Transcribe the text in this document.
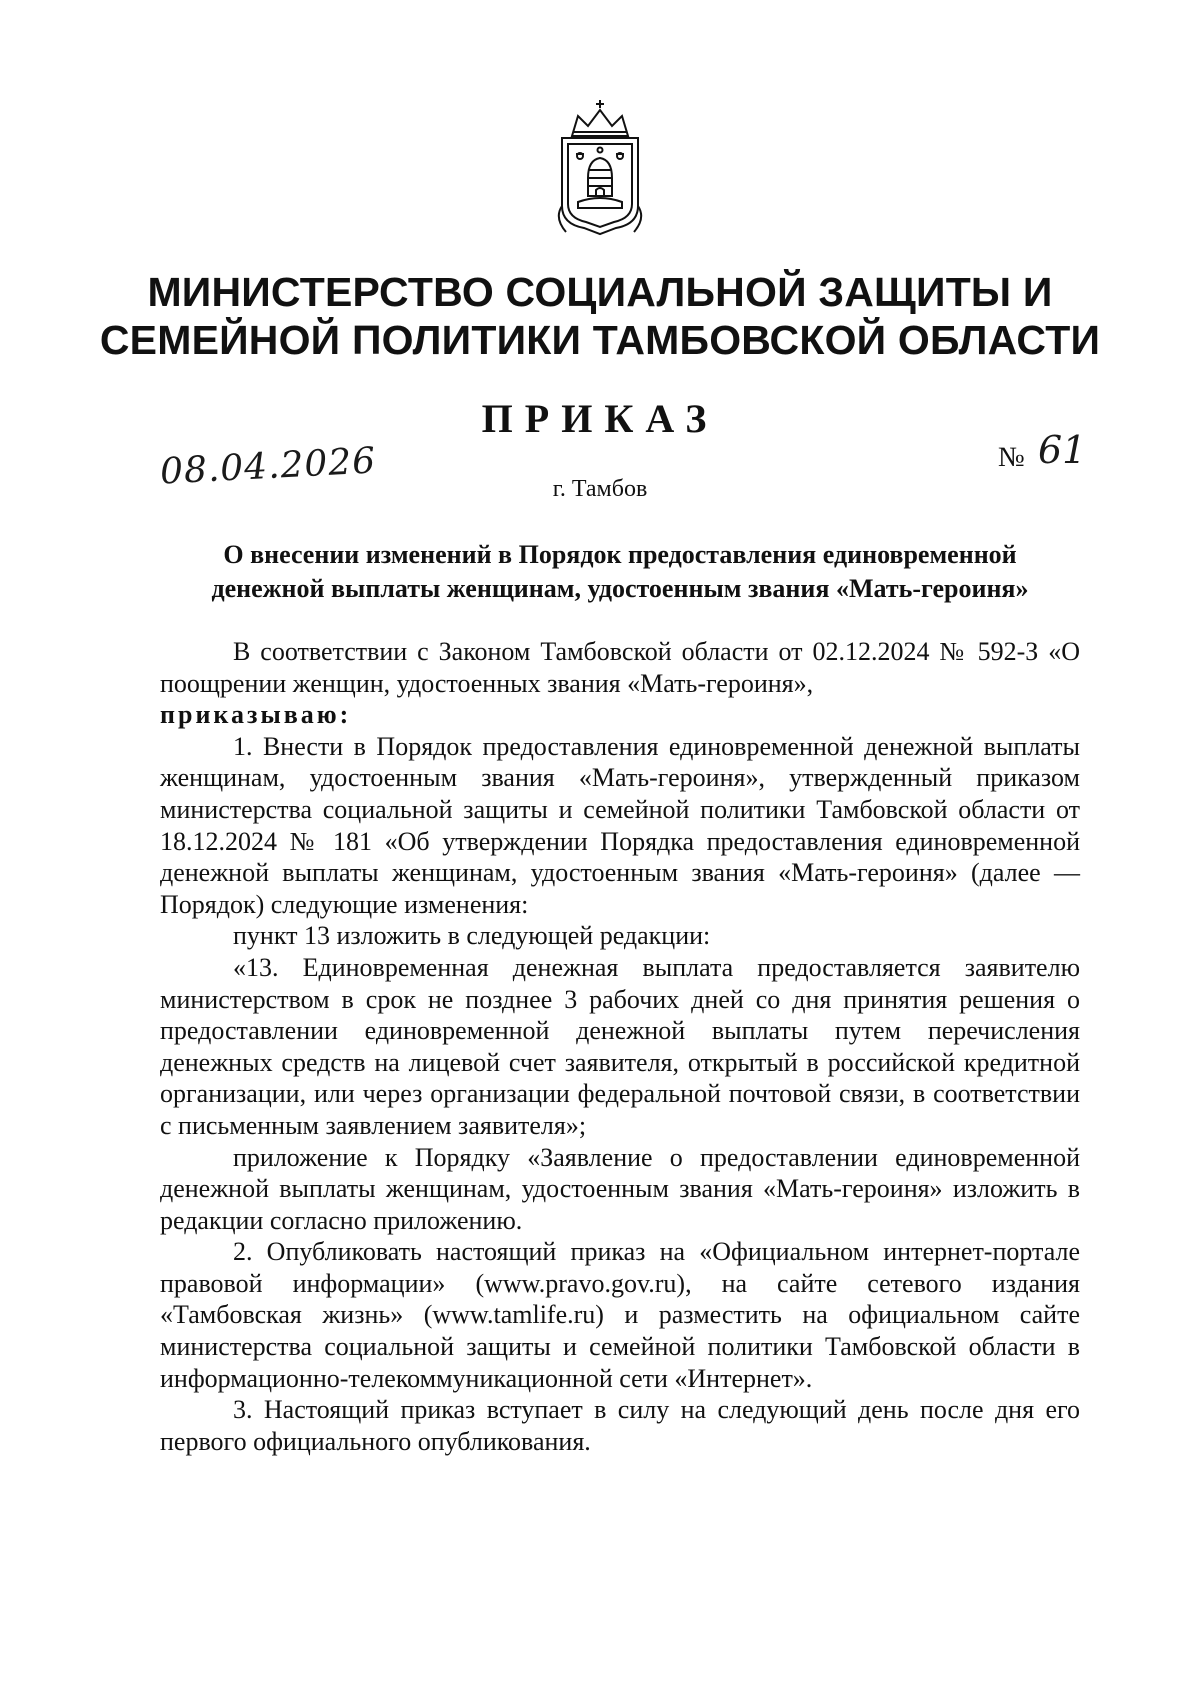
МИНИСТЕРСТВО СОЦИАЛЬНОЙ ЗАЩИТЫ И
СЕМЕЙНОЙ ПОЛИТИКИ ТАМБОВСКОЙ ОБЛАСТИ
ПРИКАЗ
08.04.2026	№ 61
г. Тамбов
О внесении изменений в Порядок предоставления единовременной
денежной выплаты женщинам, удостоенным звания «Мать-героиня»

В соответствии с Законом Тамбовской области от 02.12.2024 № 592-З «О поощрении женщин, удостоенных звания «Мать-героиня»,

приказываю:

1. Внести в Порядок предоставления единовременной денежной выплаты женщинам, удостоенным звания «Мать-героиня», утвержденный приказом министерства социальной защиты и семейной политики Тамбовской области от 18.12.2024 № 181 «Об утверждении Порядка предоставления единовременной денежной выплаты женщинам, удостоенным звания «Мать-героиня» (далее — Порядок) следующие изменения:

пункт 13 изложить в следующей редакции:

«13. Единовременная денежная выплата предоставляется заявителю министерством в срок не позднее 3 рабочих дней со дня принятия решения о предоставлении единовременной денежной выплаты путем перечисления денежных средств на лицевой счет заявителя, открытый в российской кредитной организации, или через организации федеральной почтовой связи, в соответствии с письменным заявлением заявителя»;

приложение к Порядку «Заявление о предоставлении единовременной денежной выплаты женщинам, удостоенным звания «Мать-героиня» изложить в редакции согласно приложению.

2. Опубликовать настоящий приказ на «Официальном интернет-портале правовой информации» (www.pravo.gov.ru), на сайте сетевого издания «Тамбовская жизнь» (www.tamlife.ru) и разместить на официальном сайте министерства социальной защиты и семейной политики Тамбовской области в информационно-телекоммуникационной сети «Интернет».

3. Настоящий приказ вступает в силу на следующий день после дня его первого официального опубликования.
